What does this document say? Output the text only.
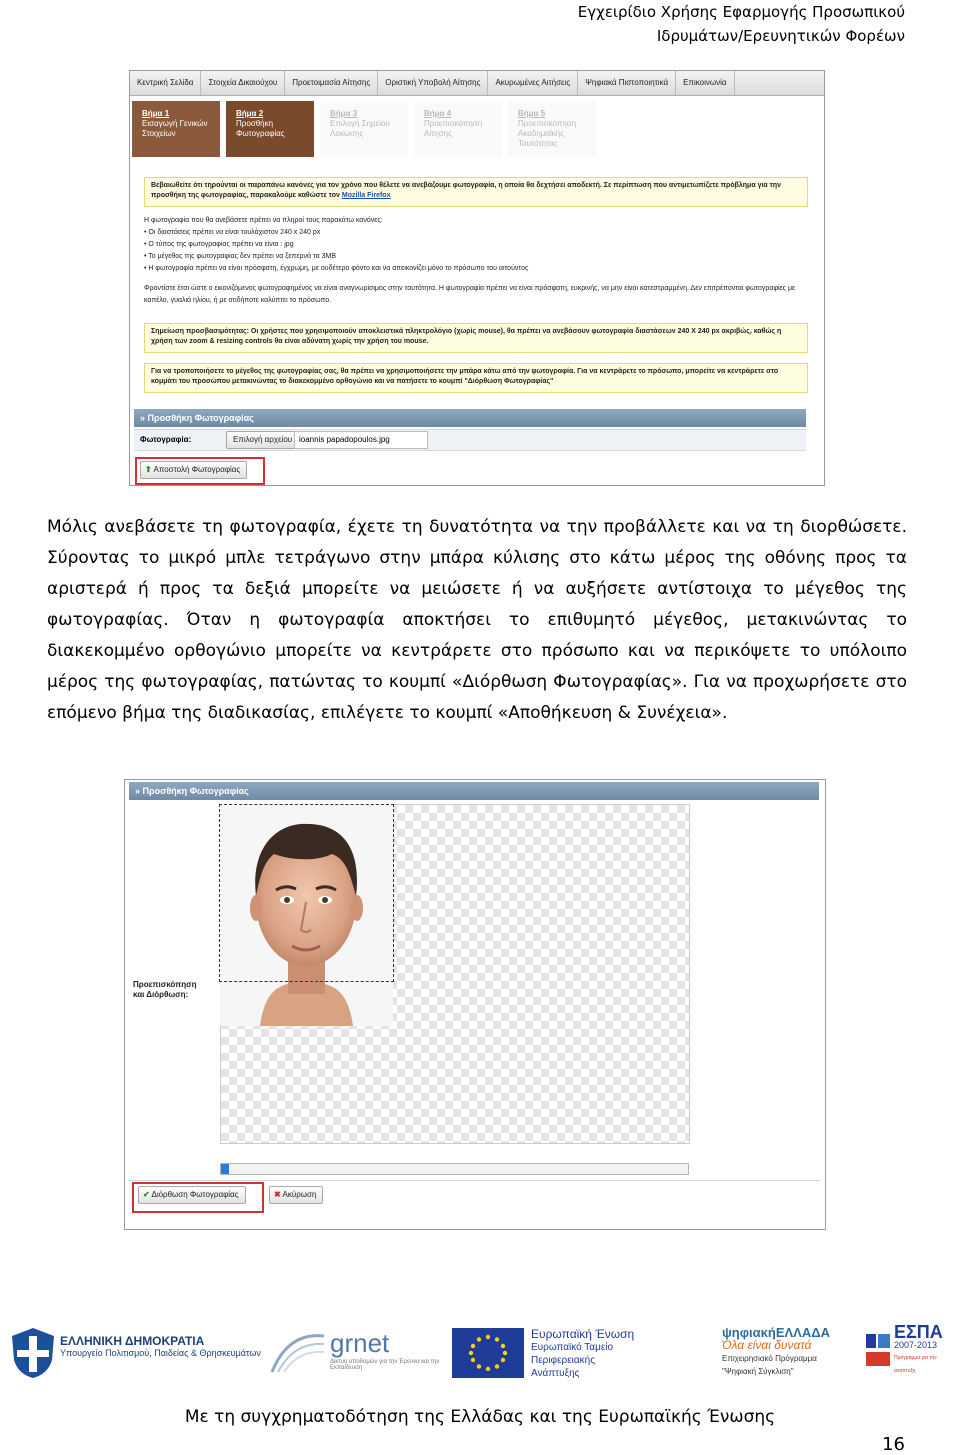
Εγχειρίδιο Χρήσης Εφαρμογής Προσωπικού
Ιδρυμάτων/Ερευνητικών Φορέων
Κεντρική Σελίδα	Στοιχεία Δικαιούχου	Προετοιμασία Αίτησης	Οριστική Υποβολή Αίτησης	Ακυρωμένες Αιτήσεις	Ψηφιακά Πιστοποιητικά	Επικοινωνία
Βήμα 1
Εισαγωγή Γενικών Στοιχείων
Βήμα 2
Προσθήκη Φωτογραφίας
Βήμα 3
Επιλογή Σημείου Λακωσης
Βήμα 4
Προεπισκόπηση Αίτησης
Βήμα 5
Προεπισκόπηση Ακαδημαϊκής Ταυτότητας
Βεβαιωθείτε ότι τηρούνται οι παραπάνω κανόνες για τον χρόνο που θέλετε να ανεβάζουμε φωτογραφία, η οποία θα δεχτήσει αποδεκτή. Σε περίπτωση που αντιμετωπίζετε πρόβλημα για την προσθήκη της φωτογραφίας, παρακαλούμε καθώστε τον Mozilla Firefox
Η φωτογραφία που θα ανεβάσετε πρέπει να πληροί τους παρακάτω κανόνες:
• Οι διαστάσεις πρέπει να είναι τουλάχιστον 240 x 240 px
• Ο τύπος της φωτογραφίας πρέπει να είναι : jpg
• Το μέγεθος της φωτογραφίας δεν πρέπει να ξεπερνά τα 3MB
• Η φωτογραφία πρέπει να είναι πρόσφατη, έγχρωμη, με ουδέτερο φόντο και να απεικονίζει μόνο το πρόσωπο του αιτούντος
Φροντίστε έτσι ώστε ο εικονιζόμενος φωτογραφημένος να είναι αναγνωρίσιμος στην ταυτότητα. Η φωτογραφία πρέπει να είναι πρόσφατη, ευκρινής, να μην είναι κατεστραμμένη. Δεν επιτρέπονται φωτογραφίες με καπέλο, γυαλιά ηλίου, ή με οτιδήποτε καλύπτει το πρόσωπο.
Σημείωση προσβασιμότητας: Οι χρήστες που χρησιμοποιούν αποκλειστικά πληκτρολόγιο (χωρίς mouse), θα πρέπει να ανεβάσουν φωτογραφία διαστάσεων 240 X 240 px ακριβώς, καθώς η χρήση των zoom & resizing controls θα είναι αδύνατη χωρίς την χρήση του mouse.
Για να τροποποιήσετε το μέγεθος της φωτογραφίας σας, θα πρέπει να χρησιμοποιήσετε την μπάρα κάτω από την φωτογραφία. Για να κεντράρετε το πρόσωπο, μπορείτε να κεντράρετε στο κομμάτι του προσώπου μετακινώντας το διακεκομμένο ορθογώνιο και να πατήσετε το κουμπί "Διόρθωση Φωτογραφίας"
» Προσθήκη Φωτογραφίας
Φωτογραφία:	Επιλογή αρχείου ioannis papadopoulos.jpg
⬆ Αποστολή Φωτογραφίας
Μόλις ανεβάσετε τη φωτογραφία, έχετε τη δυνατότητα να την προβάλλετε και να τη διορθώσετε. Σύροντας το μικρό μπλε τετράγωνο στην μπάρα κύλισης στο κάτω μέρος της οθόνης προς τα αριστερά ή προς τα δεξιά μπορείτε να μειώσετε ή να αυξήσετε αντίστοιχα το μέγεθος της φωτογραφίας. Όταν η φωτογραφία αποκτήσει το επιθυμητό μέγεθος, μετακινώντας το διακεκομμένο ορθογώνιο μπορείτε να κεντράρετε στο πρόσωπο και να περικόψετε το υπόλοιπο μέρος της φωτογραφίας, πατώντας το κουμπί «Διόρθωση Φωτογραφίας». Για να προχωρήσετε στο επόμενο βήμα της διαδικασίας, επιλέγετε το κουμπί «Αποθήκευση & Συνέχεια».
» Προσθήκη Φωτογραφίας
Προεπισκόπηση και Διόρθωση:
✔ Διόρθωση Φωτογραφίας	✖ Ακύρωση
ΕΛΛΗΝΙΚΗ ΔΗΜΟΚΡΑΤΙΑ
Υπουργείο Πολιτισμού, Παιδείας & Θρησκευμάτων	grnet
Δίκτυο υποδομών για την Έρευνα και την Εκπαίδευση
Ευρωπαϊκή Ένωση
Ευρωπαϊκό Ταμείο
Περιφερειακής
Ανάπτυξης
ψηφιακήΕΛΛΑΔΑ
Όλα είναι δυνατά
Επιχειρησιακό Πρόγραμμα
"Ψηφιακή Σύγκλιση"
ΕΣΠΑ
2007-2013
Πρόγραμμα για την ανάπτυξη
Με τη συγχρηματοδότηση της Ελλάδας και της Ευρωπαϊκής Ένωσης
16
